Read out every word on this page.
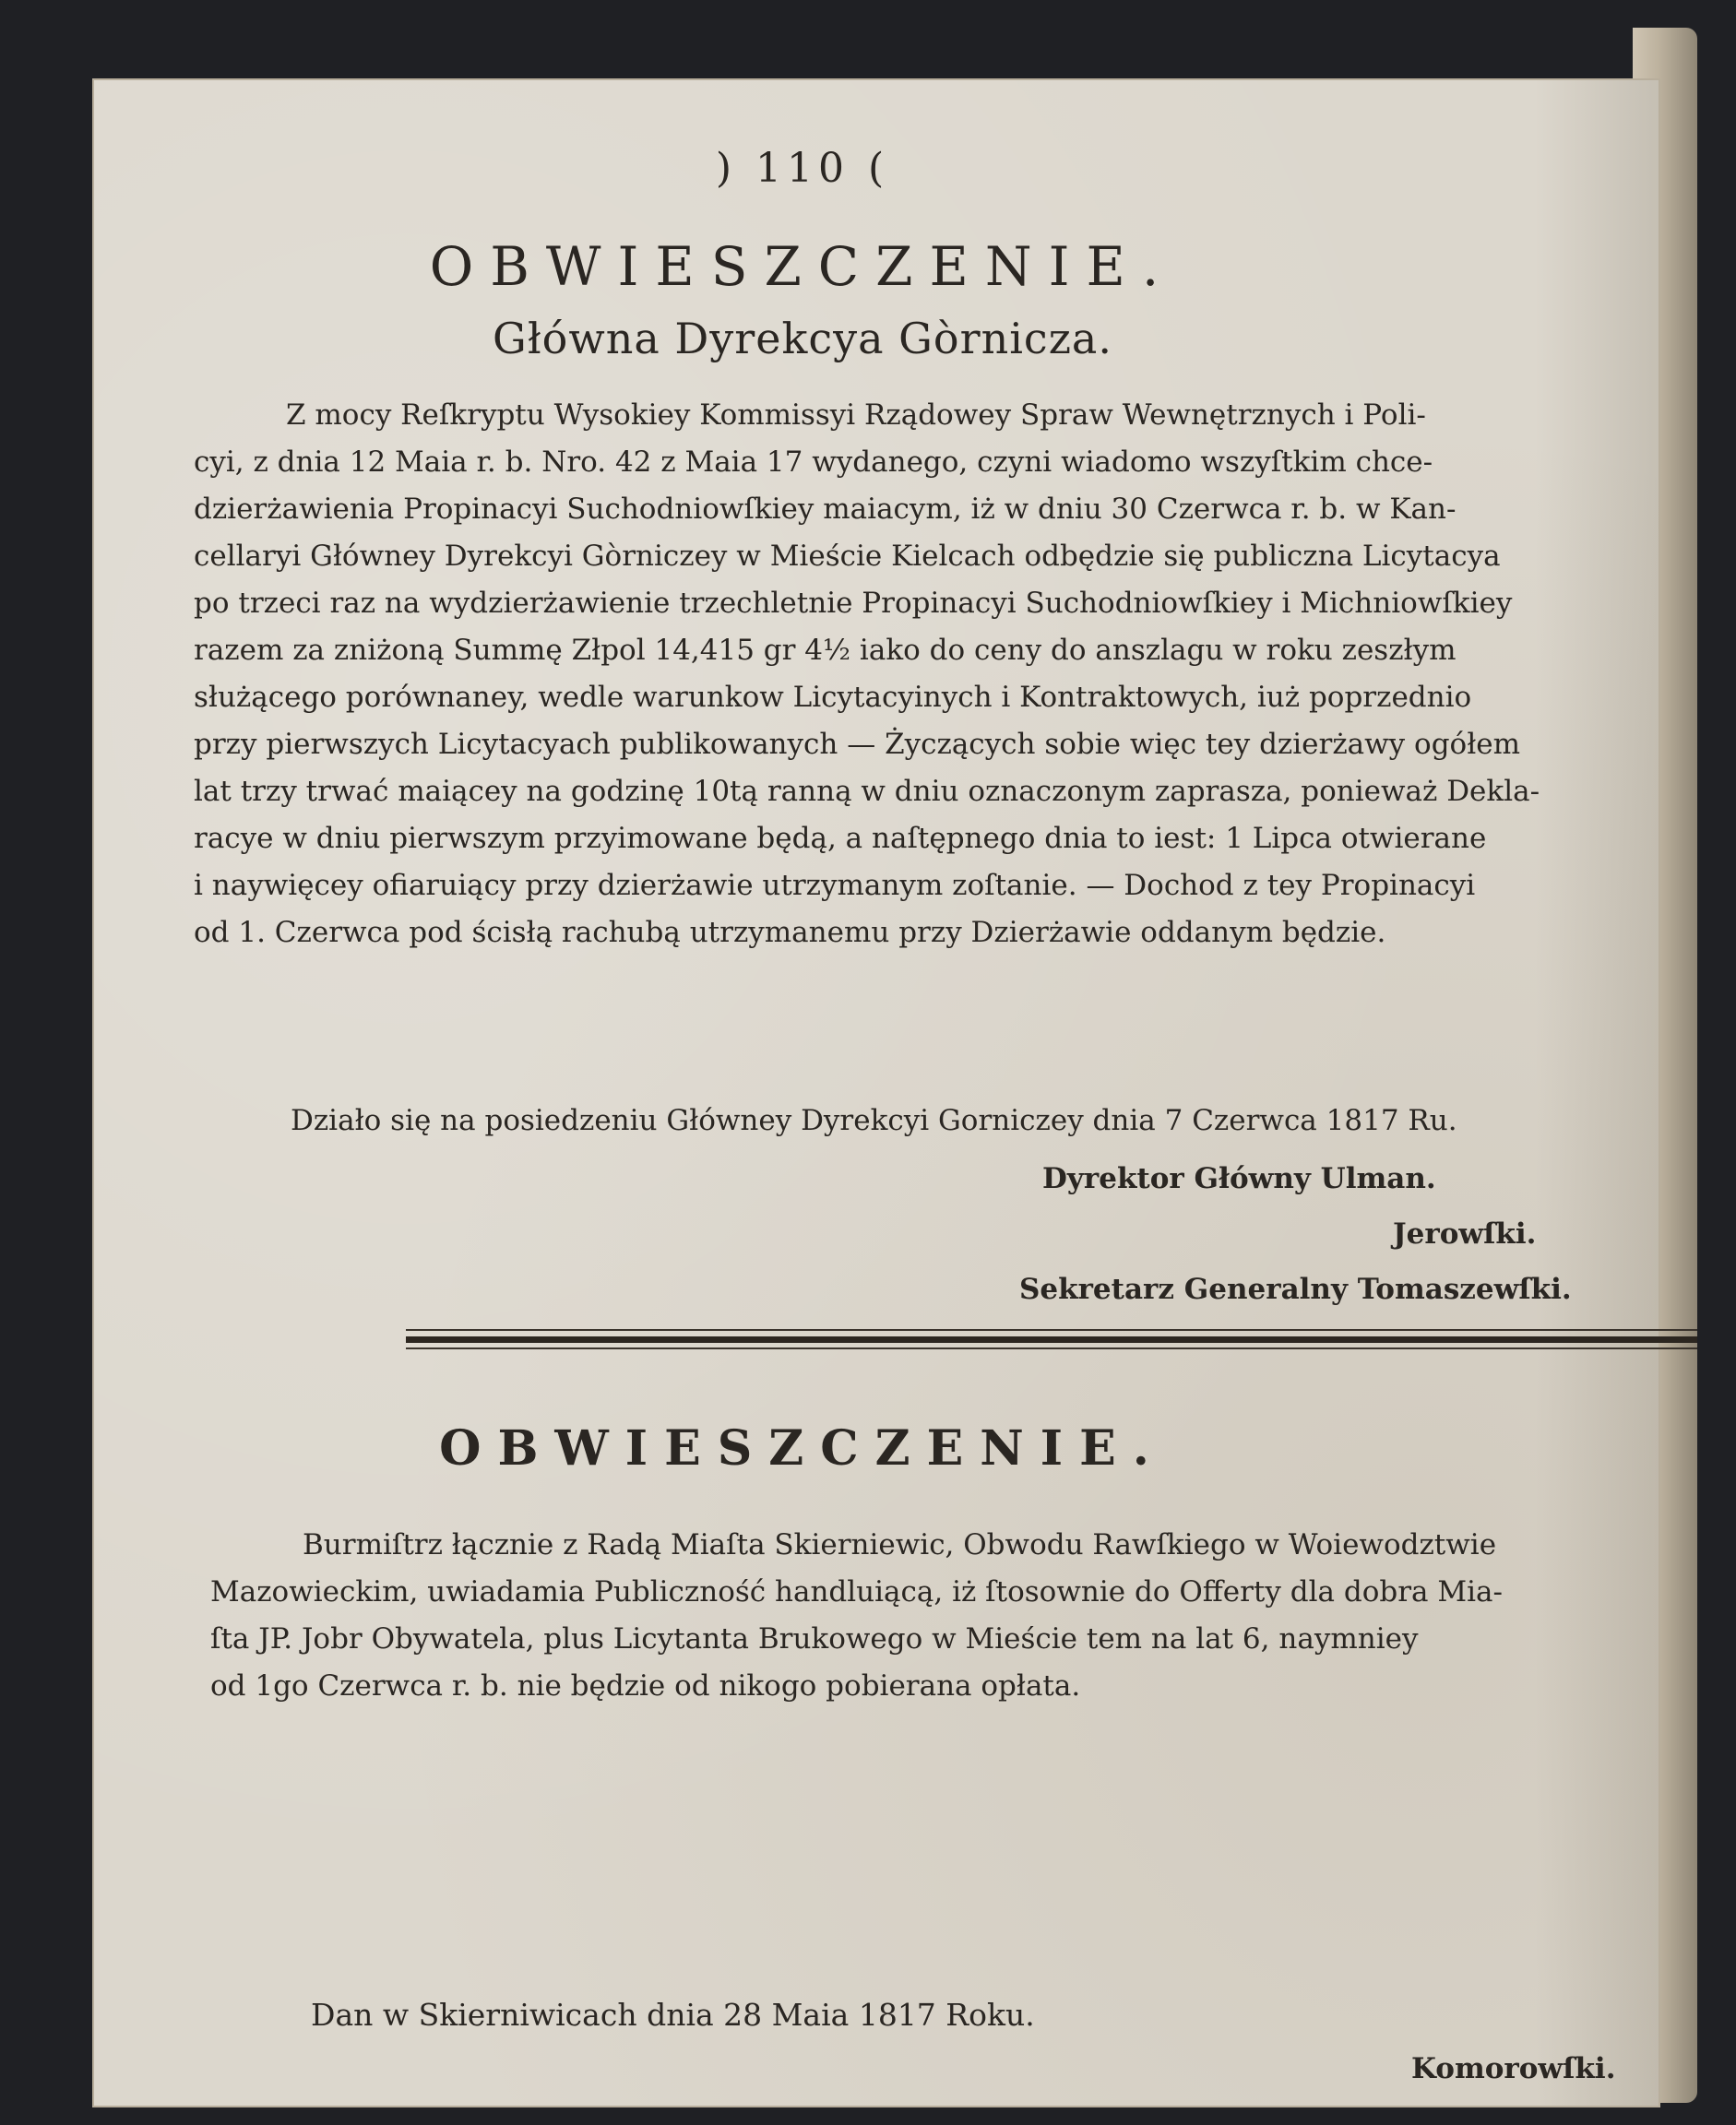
) 110 (
OBWIESZCZENIE.
Główna Dyrekcya Gòrnicza.
Z mocy Reſkryptu Wysokiey Kommissyi Rządowey Spraw Wewnętrznych i Poli-
cyi, z dnia 12 Maia r. b. Nro. 42 z Maia 17 wydanego, czyni wiadomo wszyſtkim chce-
dzierżawienia Propinacyi Suchodniowſkiey maiacym, iż w dniu 30 Czerwca r. b. w Kan-
cellaryi Główney Dyrekcyi Gòrniczey w Mieście Kielcach odbędzie się publiczna Licytacya
po trzeci raz na wydzierżawienie trzechletnie Propinacyi Suchodniowſkiey i Michniowſkiey
razem za zniżoną Summę Złpol 14,415 gr 4½ iako do ceny do anszlagu w roku zeszłym
służącego porównaney, wedle warunkow Licytacyinych i Kontraktowych, iuż poprzednio
przy pierwszych Licytacyach publikowanych — Życzących sobie więc tey dzierżawy ogółem
lat trzy trwać maiącey na godzinę 10tą ranną w dniu oznaczonym zaprasza, ponieważ Dekla-
racye w dniu pierwszym przyimowane będą, a naſtępnego dnia to iest: 1 Lipca otwierane
i naywięcey ofiaruiący przy dzierżawie utrzymanym zoſtanie. — Dochod z tey Propinacyi
od 1. Czerwca pod ścisłą rachubą utrzymanemu przy Dzierżawie oddanym będzie.
Działo się na posiedzeniu Główney Dyrekcyi Gorniczey dnia 7 Czerwca 1817 Ru.
Dyrektor Główny Ulman.
Jerowſki.
Sekretarz Generalny Tomaszewſki.
OBWIESZCZENIE.
Burmiſtrz łącznie z Radą Miaſta Skierniewic, Obwodu Rawſkiego w Woiewodztwie
Mazowieckim, uwiadamia Publiczność handluiącą, iż ſtosownie do Offerty dla dobra Mia-
ſta JP. Jobr Obywatela, plus Licytanta Brukowego w Mieście tem na lat 6, naymniey
od 1go Czerwca r. b. nie będzie od nikogo pobierana opłata.
Dan w Skierniwicach dnia 28 Maia 1817 Roku.
Komorowſki.
